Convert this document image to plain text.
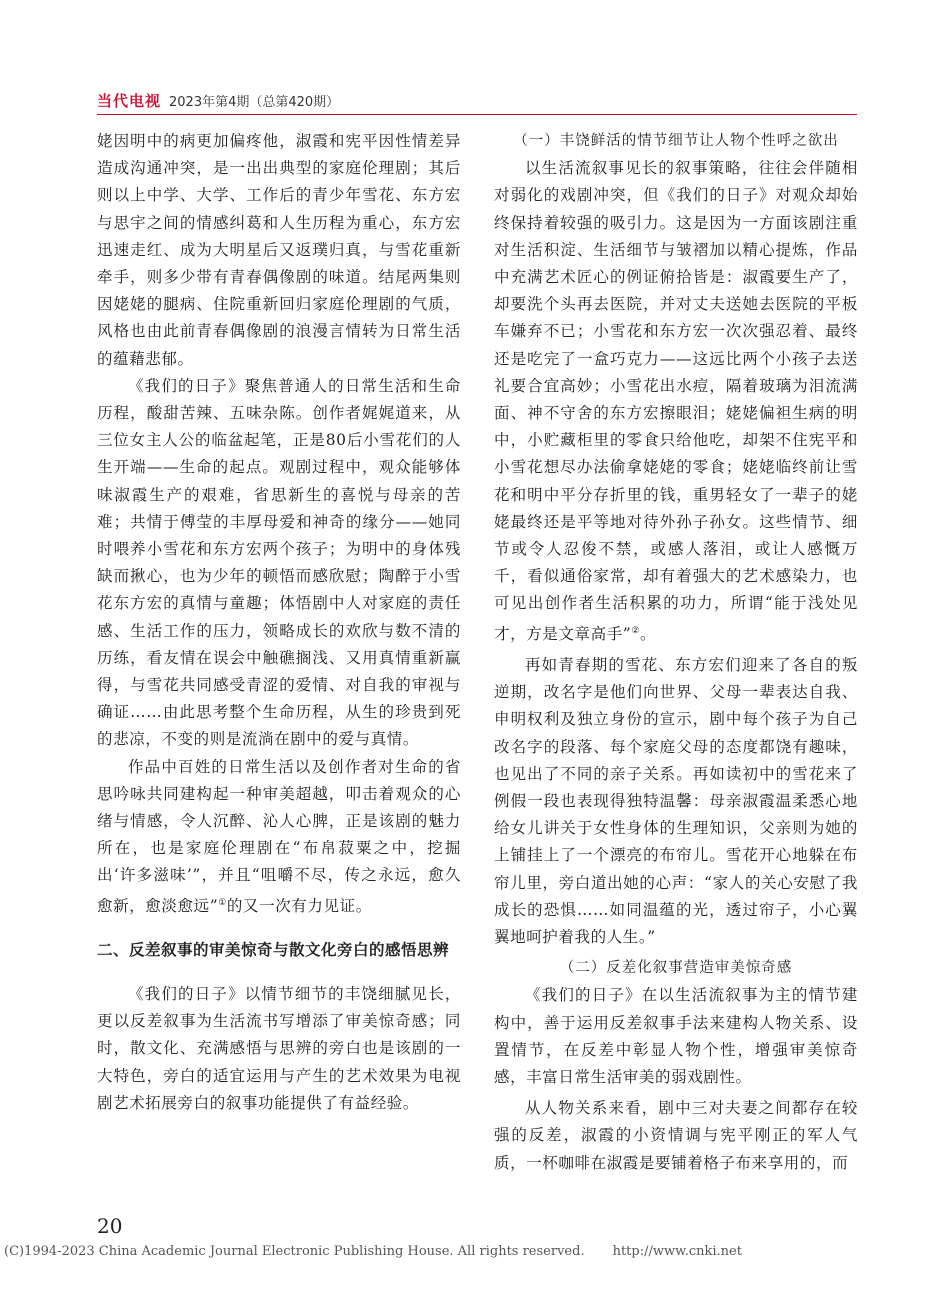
当代电视 2023年第4期（总第420期）

姥因明中的病更加偏疼他，淑霞和宪平因性情差异造成沟通冲突，是一出出典型的家庭伦理剧；其后则以上中学、大学、工作后的青少年雪花、东方宏与思宇之间的情感纠葛和人生历程为重心，东方宏迅速走红、成为大明星后又返璞归真，与雪花重新牵手，则多少带有青春偶像剧的味道。结尾两集则因姥姥的腿病、住院重新回归家庭伦理剧的气质，风格也由此前青春偶像剧的浪漫言情转为日常生活的蕴藉悲郁。

《我们的日子》聚焦普通人的日常生活和生命历程，酸甜苦辣、五味杂陈。创作者娓娓道来，从三位女主人公的临盆起笔，正是80后小雪花们的人生开端——生命的起点。观剧过程中，观众能够体味淑霞生产的艰难，省思新生的喜悦与母亲的苦难；共情于傅莹的丰厚母爱和神奇的缘分——她同时喂养小雪花和东方宏两个孩子；为明中的身体残缺而揪心，也为少年的顿悟而感欣慰；陶醉于小雪花东方宏的真情与童趣；体悟剧中人对家庭的责任感、生活工作的压力，领略成长的欢欣与数不清的历练，看友情在误会中触礁搁浅、又用真情重新赢得，与雪花共同感受青涩的爱情、对自我的审视与确证……由此思考整个生命历程，从生的珍贵到死的悲凉，不变的则是流淌在剧中的爱与真情。

作品中百姓的日常生活以及创作者对生命的省思吟咏共同建构起一种审美超越，叩击着观众的心绪与情感，令人沉醉、沁人心脾，正是该剧的魅力所在，也是家庭伦理剧在“布帛菽粟之中，挖掘出‘许多滋味’”，并且“咀嚼不尽，传之永远，愈久愈新，愈淡愈远”①的又一次有力见证。

二、反差叙事的审美惊奇与散文化旁白的感悟思辨

《我们的日子》以情节细节的丰饶细腻见长，更以反差叙事为生活流书写增添了审美惊奇感；同时，散文化、充满感悟与思辨的旁白也是该剧的一大特色，旁白的适宜运用与产生的艺术效果为电视剧艺术拓展旁白的叙事功能提供了有益经验。

（一）丰饶鲜活的情节细节让人物个性呼之欲出

以生活流叙事见长的叙事策略，往往会伴随相对弱化的戏剧冲突，但《我们的日子》对观众却始终保持着较强的吸引力。这是因为一方面该剧注重对生活积淀、生活细节与皱褶加以精心提炼，作品中充满艺术匠心的例证俯拾皆是：淑霞要生产了，却要洗个头再去医院，并对丈夫送她去医院的平板车嫌弃不已；小雪花和东方宏一次次强忍着、最终还是吃完了一盒巧克力——这远比两个小孩子去送礼要合宜高妙；小雪花出水痘，隔着玻璃为泪流满面、神不守舍的东方宏擦眼泪；姥姥偏袒生病的明中，小贮藏柜里的零食只给他吃，却架不住宪平和小雪花想尽办法偷拿姥姥的零食；姥姥临终前让雪花和明中平分存折里的钱，重男轻女了一辈子的姥姥最终还是平等地对待外孙子孙女。这些情节、细节或令人忍俊不禁，或感人落泪，或让人感慨万千，看似通俗家常，却有着强大的艺术感染力，也可见出创作者生活积累的功力，所谓“能于浅处见才，方是文章高手”②。

再如青春期的雪花、东方宏们迎来了各自的叛逆期，改名字是他们向世界、父母一辈表达自我、申明权利及独立身份的宣示，剧中每个孩子为自己改名字的段落、每个家庭父母的态度都饶有趣味，也见出了不同的亲子关系。再如读初中的雪花来了例假一段也表现得独特温馨：母亲淑霞温柔悉心地给女儿讲关于女性身体的生理知识，父亲则为她的上铺挂上了一个漂亮的布帘儿。雪花开心地躲在布帘儿里，旁白道出她的心声：“家人的关心安慰了我成长的恐惧……如同温蕴的光，透过帘子，小心翼翼地呵护着我的人生。”

（二）反差化叙事营造审美惊奇感

《我们的日子》在以生活流叙事为主的情节建构中，善于运用反差叙事手法来建构人物关系、设置情节，在反差中彰显人物个性，增强审美惊奇感，丰富日常生活审美的弱戏剧性。

从人物关系来看，剧中三对夫妻之间都存在较强的反差，淑霞的小资情调与宪平刚正的军人气质，一杯咖啡在淑霞是要铺着格子布来享用的，而

20
(C)1994-2023 China Academic Journal Electronic Publishing House. All rights reserved. http://www.cnki.net
